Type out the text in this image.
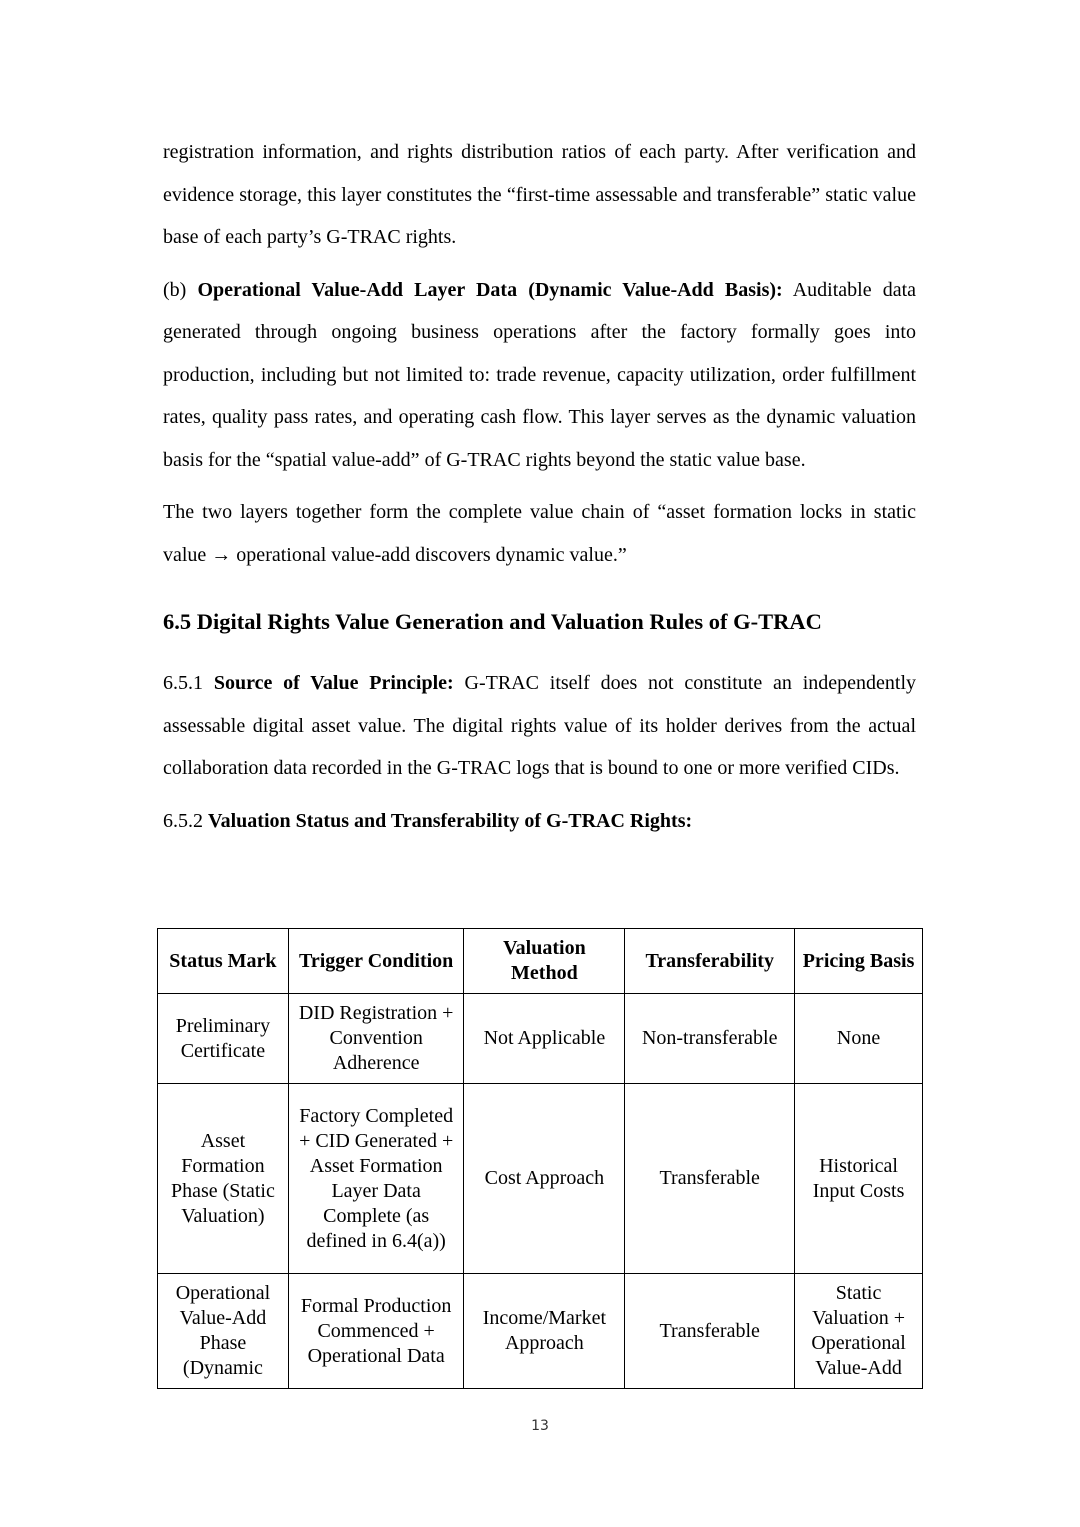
registration information, and rights distribution ratios of each party. After verification and evidence storage, this layer constitutes the “first-time assessable and transferable” static value base of each party’s G-TRAC rights.

(b) Operational Value-Add Layer Data (Dynamic Value-Add Basis): Auditable data generated through ongoing business operations after the factory formally goes into production, including but not limited to: trade revenue, capacity utilization, order fulfillment rates, quality pass rates, and operating cash flow. This layer serves as the dynamic valuation basis for the “spatial value-add” of G-TRAC rights beyond the static value base.

The two layers together form the complete value chain of “asset formation locks in static value → operational value-add discovers dynamic value.”

6.5 Digital Rights Value Generation and Valuation Rules of G-TRAC

6.5.1 Source of Value Principle: G-TRAC itself does not constitute an independently assessable digital asset value. The digital rights value of its holder derives from the actual collaboration data recorded in the G-TRAC logs that is bound to one or more verified CIDs.

6.5.2 Valuation Status and Transferability of G-TRAC Rights:
Status Mark	Trigger Condition	Valuation Method	Transferability	Pricing Basis
Preliminary Certificate	DID Registration + Convention Adherence	Not Applicable	Non-transferable	None
Asset Formation Phase (Static Valuation)	Factory Completed + CID Generated + Asset Formation Layer Data Complete (as defined in 6.4(a))	Cost Approach	Transferable	Historical Input Costs
Operational Value-Add Phase (Dynamic	Formal Production Commenced + Operational Data	Income/Market Approach	Transferable	Static Valuation + Operational Value-Add
13
